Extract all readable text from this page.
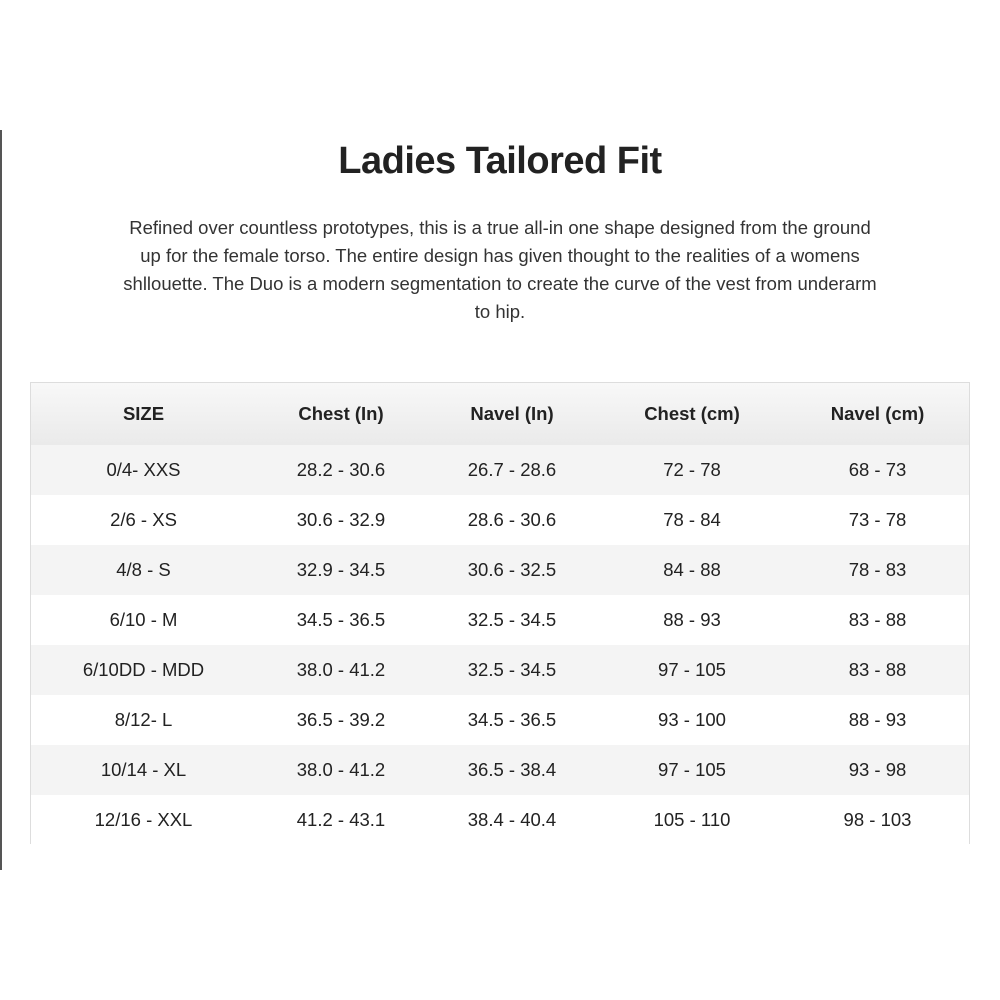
Ladies Tailored Fit

Refined over countless prototypes, this is a true all-in one shape designed from the ground up for the female torso. The entire design has given thought to the realities of a womens shllouette. The Duo is a modern segmentation to create the curve of the vest from underarm to hip.

SIZE	Chest (In)	Navel (In)	Chest (cm)	Navel (cm)
0/4- XXS	28.2 - 30.6	26.7 - 28.6	72 - 78	68 - 73
2/6 - XS	30.6 - 32.9	28.6 - 30.6	78 - 84	73 - 78
4/8 - S	32.9 - 34.5	30.6 - 32.5	84 - 88	78 - 83
6/10 - M	34.5 - 36.5	32.5 - 34.5	88 - 93	83 - 88
6/10DD - MDD	38.0 - 41.2	32.5 - 34.5	97 - 105	83 - 88
8/12- L	36.5 - 39.2	34.5 - 36.5	93 - 100	88 - 93
10/14 - XL	38.0 - 41.2	36.5 - 38.4	97 - 105	93 - 98
12/16 - XXL	41.2 - 43.1	38.4 - 40.4	105 - 110	98 - 103
